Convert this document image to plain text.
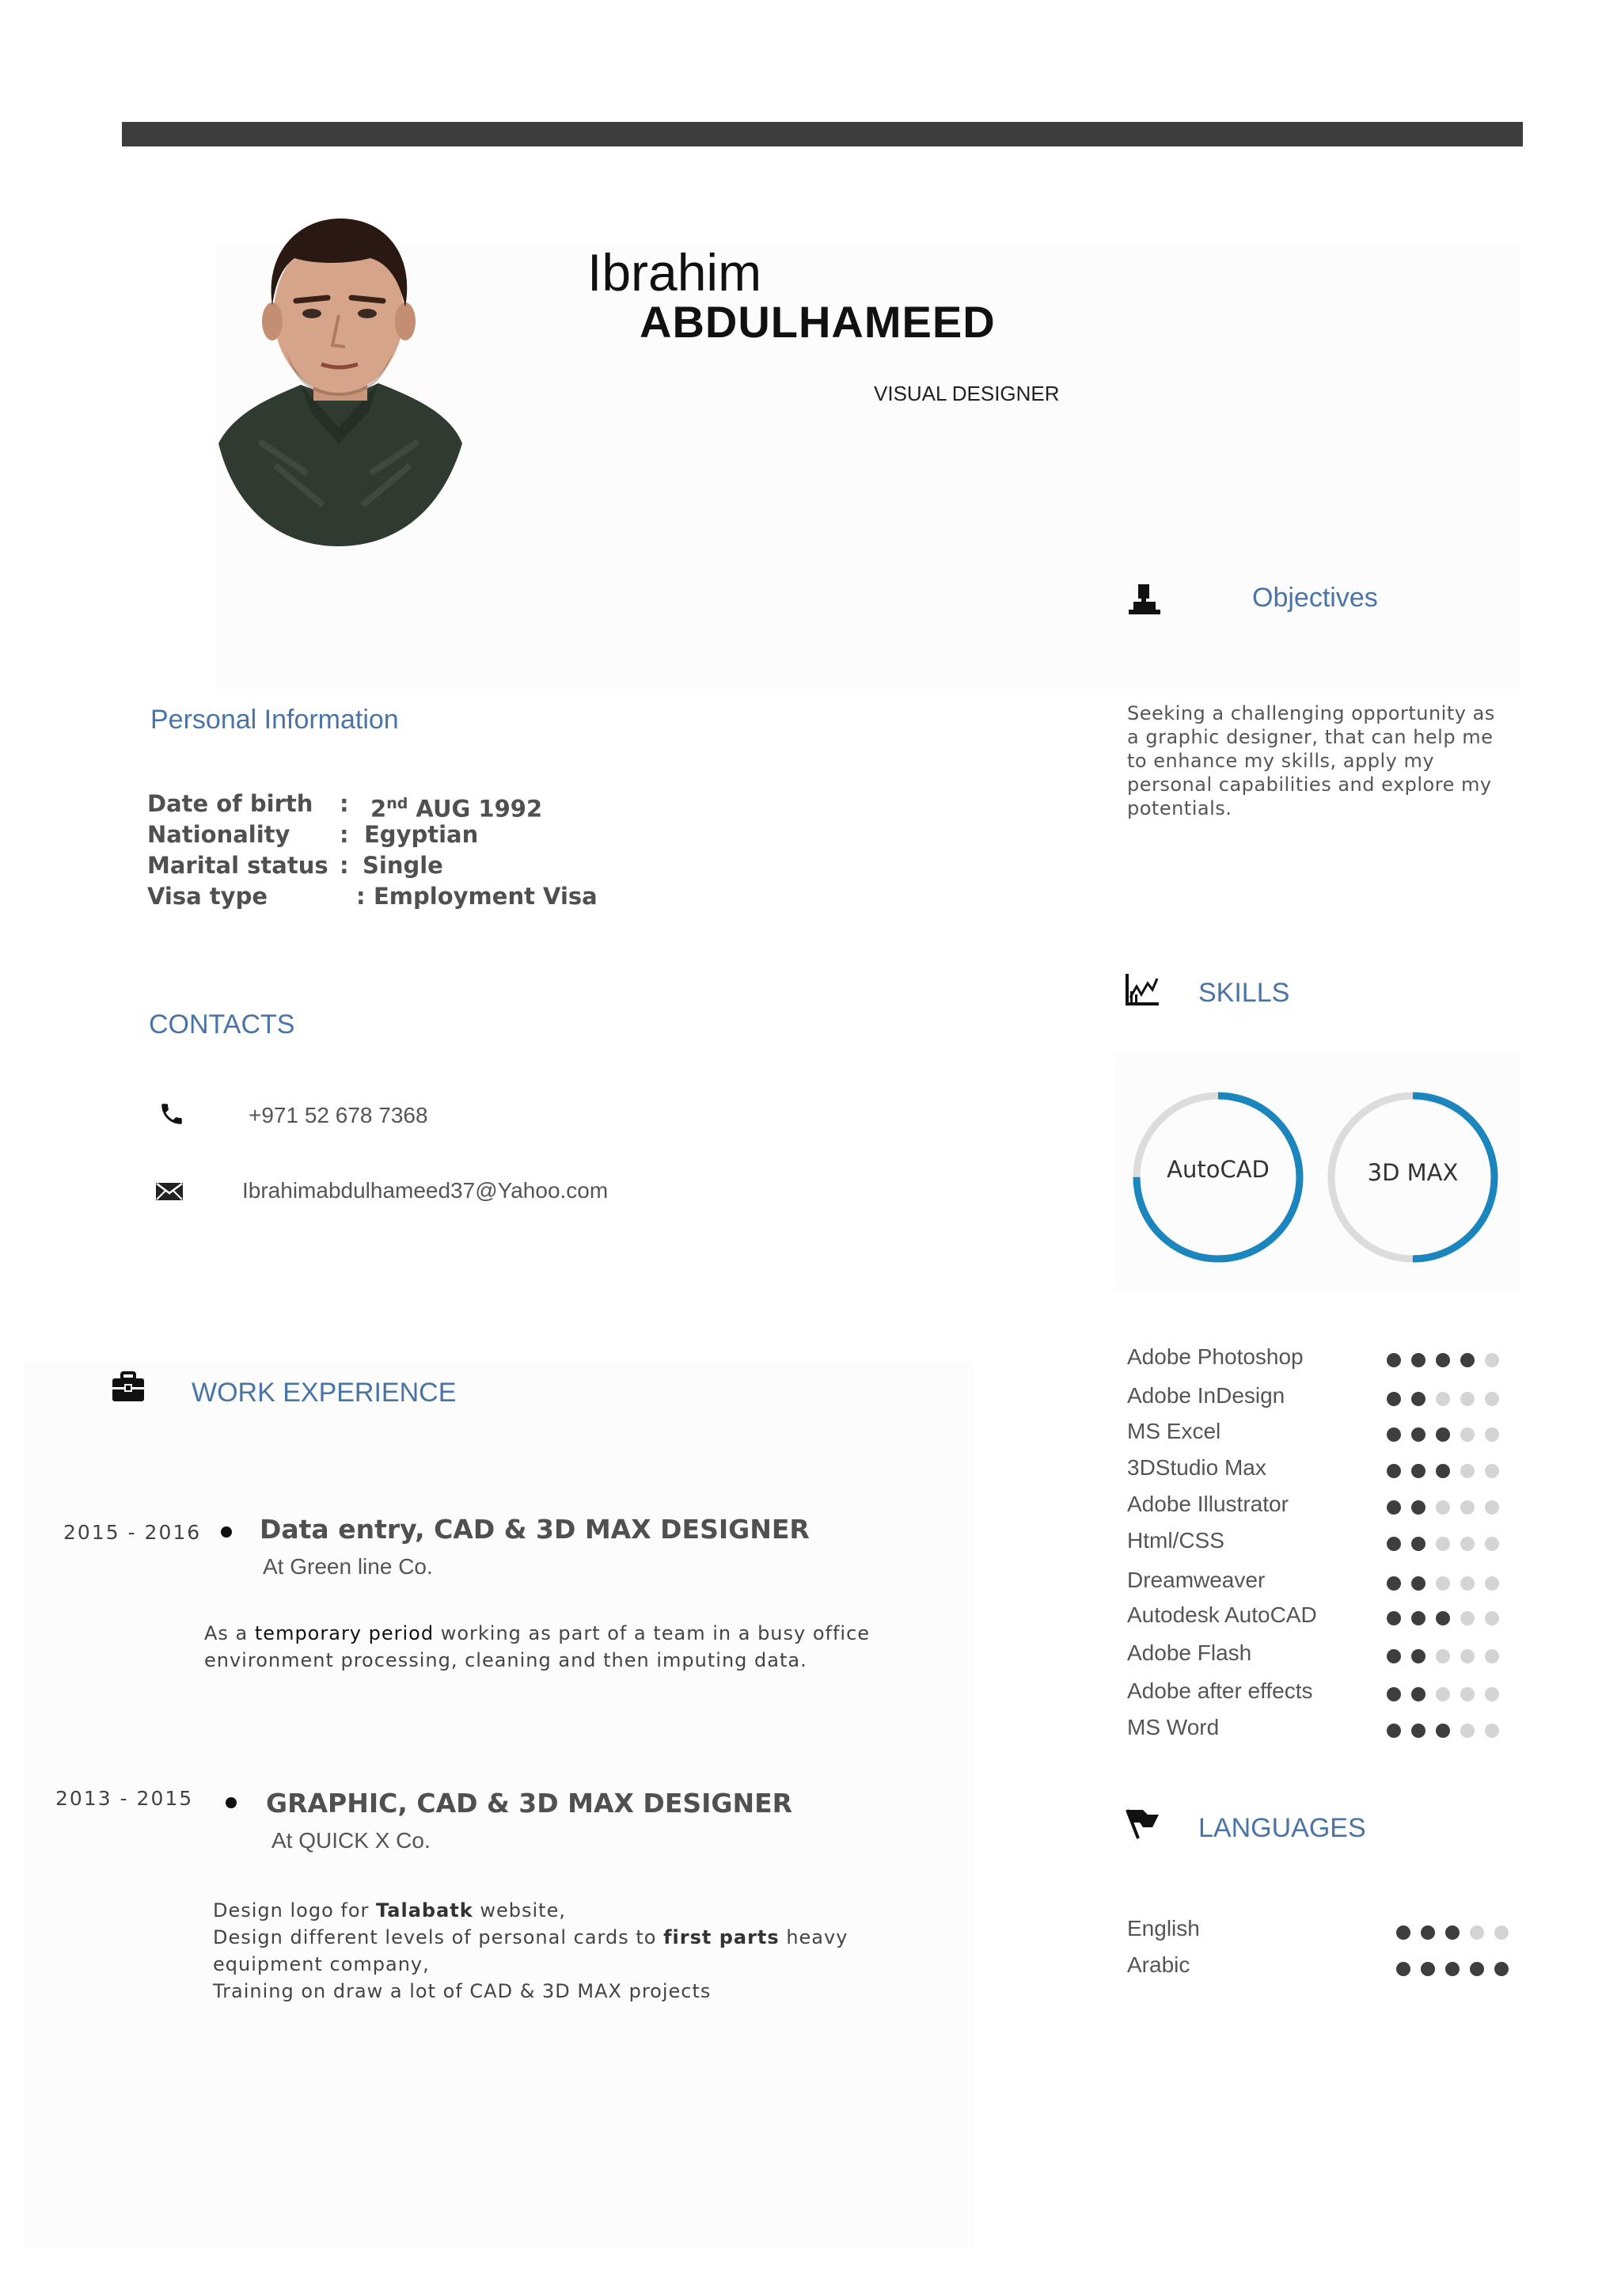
Ibrahim
ABDULHAMEED
VISUAL DESIGNER
Personal Information
Date of birth : 2nd AUG 1992
Nationality : Egyptian
Marital status : Single
Visa type	: Employment Visa
CONTACTS
+971 52 678 7368
Ibrahimabdulhameed37@Yahoo.com
WORK EXPERIENCE
2015 - 2016 Data entry, CAD & 3D MAX DESIGNER
At Green line Co.
As a temporary period working as part of a team in a busy office
environment processing, cleaning and then imputing data.
2013 - 2015	GRAPHIC, CAD & 3D MAX DESIGNER
At QUICK X Co.
Design logo for Talabatk website,
Design different levels of personal cards to first parts heavy
equipment company,
Training on draw a lot of CAD & 3D MAX projects
Objectives
Seeking a challenging opportunity as a graphic designer, that can help me to enhance my skills, apply my personal capabilities and explore my potentials.
SKILLS
AutoCAD	3D MAX
Adobe Photoshop
Adobe InDesign
MS Excel
3DStudio Max
Adobe Illustrator
Html/CSS
Dreamweaver
Autodesk AutoCAD
Adobe Flash
Adobe after effects
MS Word
LANGUAGES
English
Arabic
